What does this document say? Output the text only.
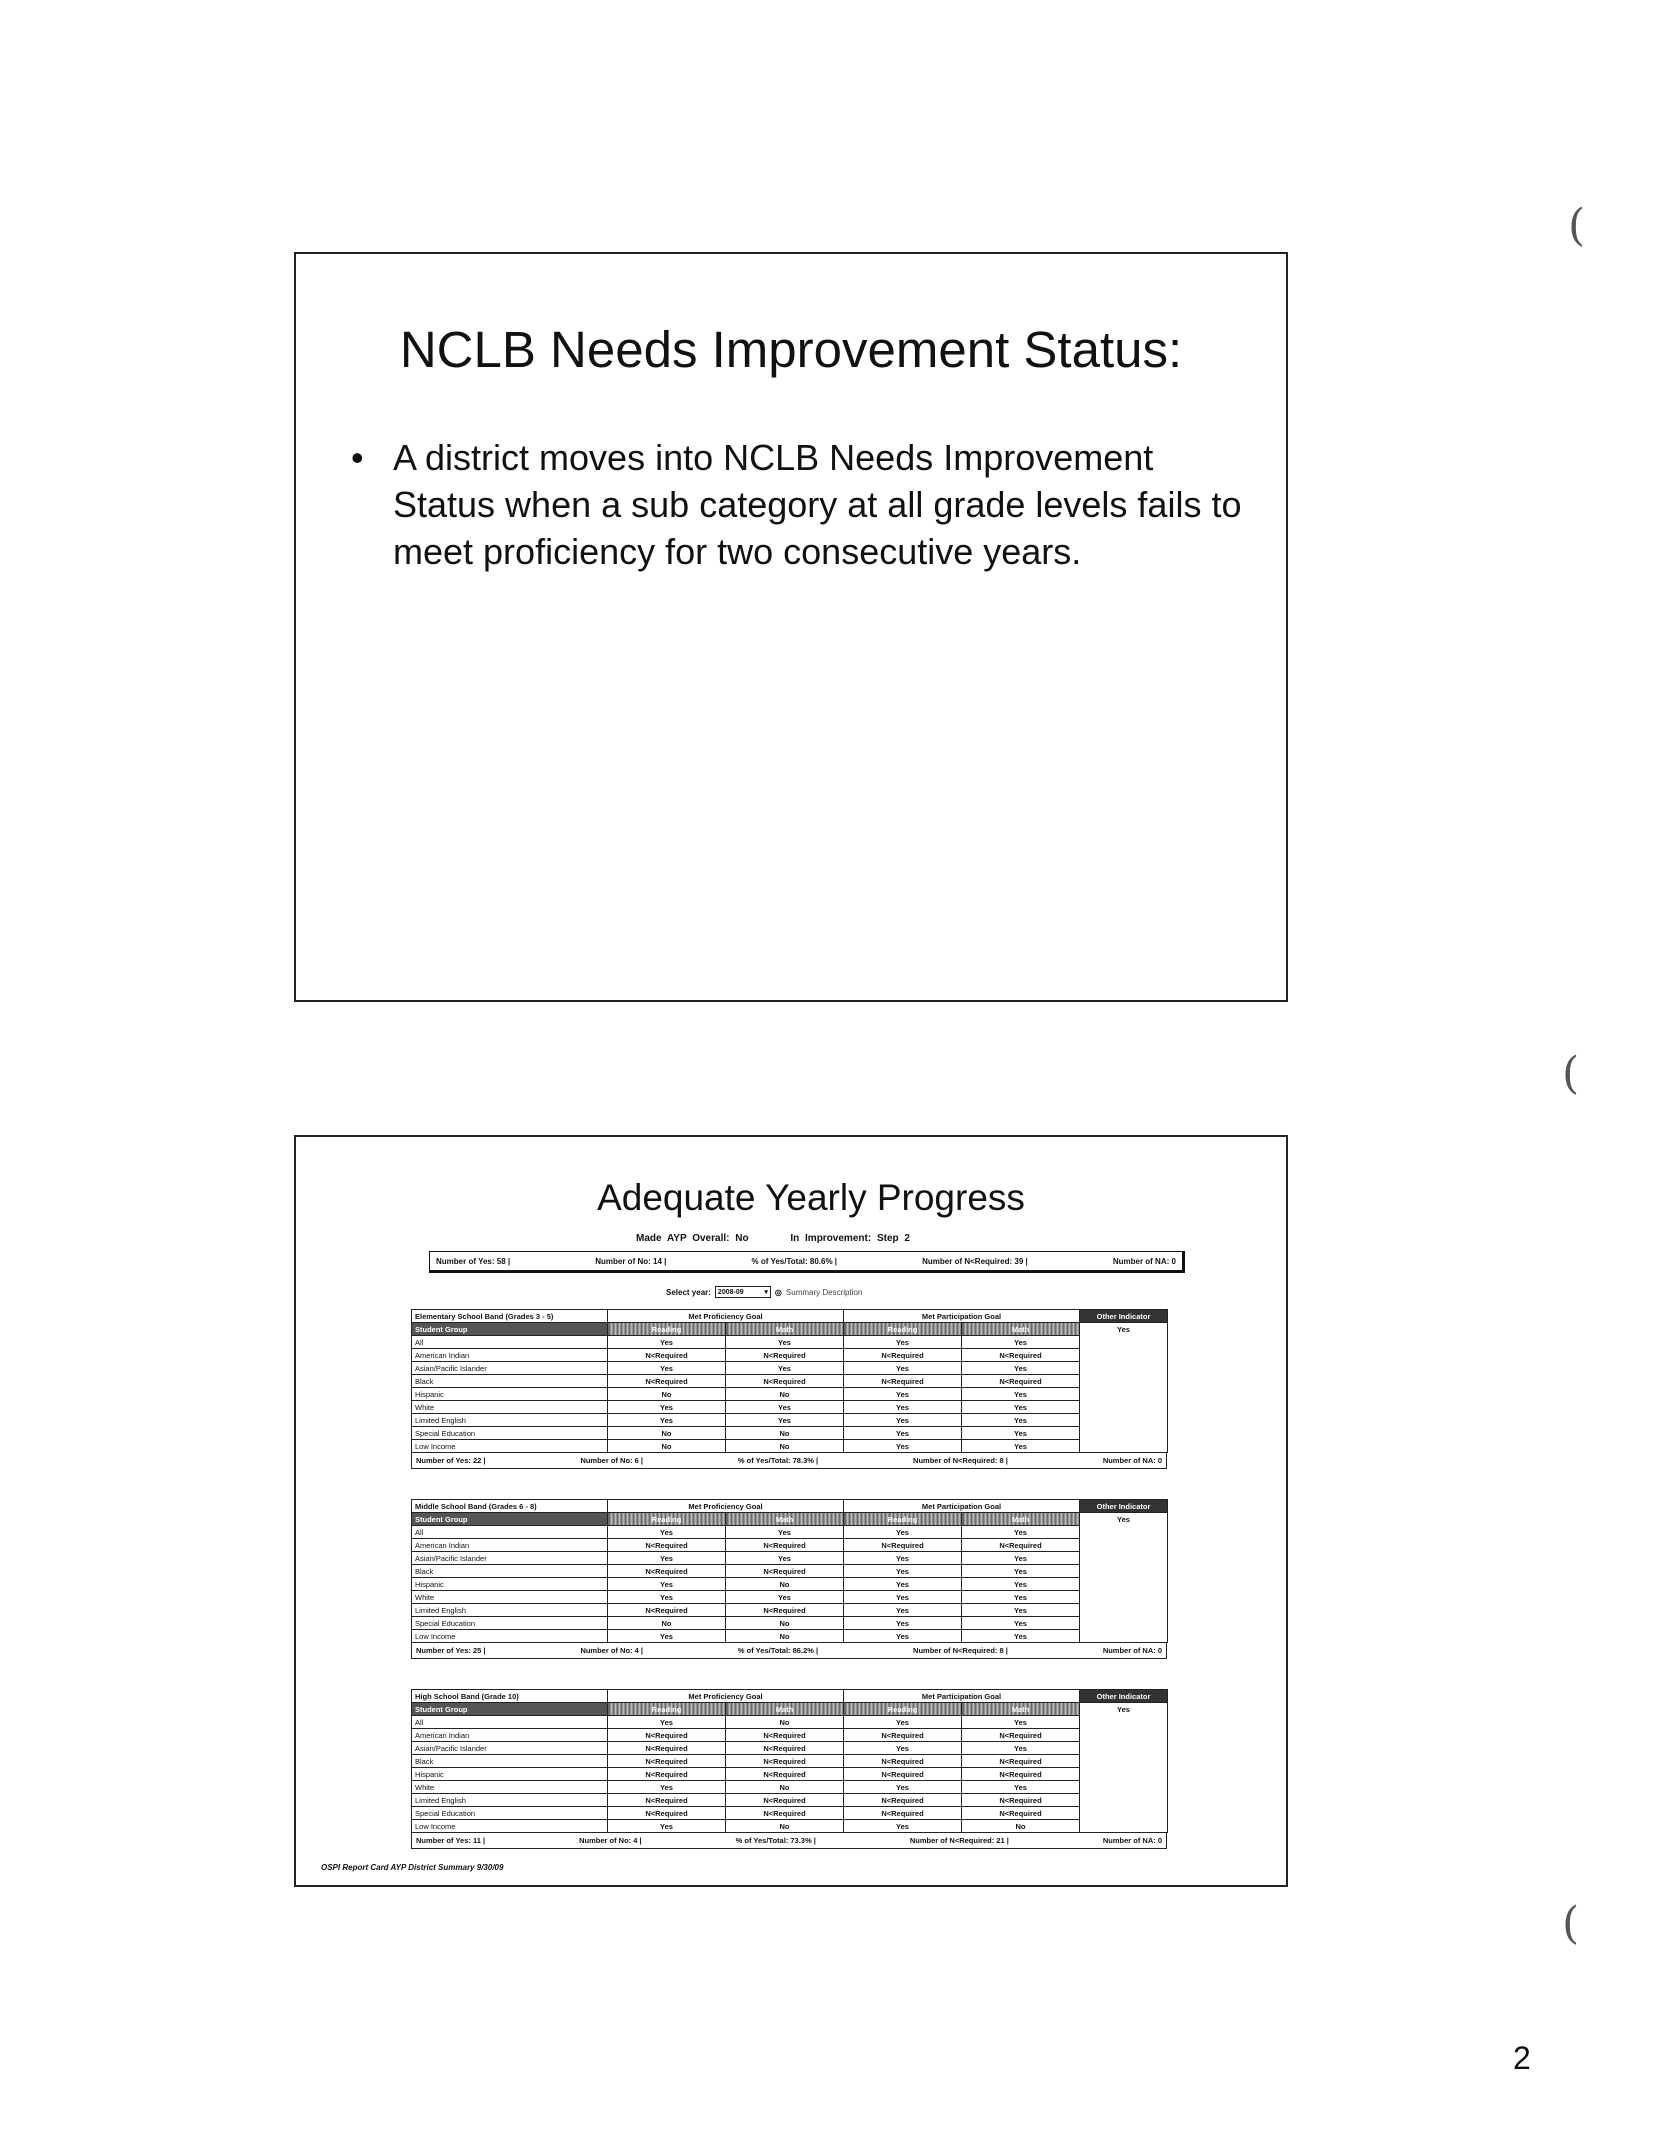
NCLB Needs Improvement Status:
• A district moves into NCLB Needs Improvement Status when a sub category at all grade levels fails to meet proficiency for two consecutive years.
Adequate Yearly Progress
Made AYP Overall: No	In Improvement: Step 2
Number of Yes: 58 |	Number of No: 14 |	% of Yes/Total: 80.6% |	Number of N<Required: 39 |	Number of NA: 0
Select year: 2008-09	▾ ◎ Summary Description
Elementary School Band (Grades 3 - 5)	Met Proficiency Goal		Met Participation Goal		Other Indicator
Student Group	Reading	Math	Reading	Math	Yes
All	Yes	Yes	Yes	Yes	
American Indian	N<Required	N<Required	N<Required	N<Required	
Asian/Pacific Islander	Yes	Yes	Yes	Yes	
Black	N<Required	N<Required	N<Required	N<Required	
Hispanic	No	No	Yes	Yes	
White	Yes	Yes	Yes	Yes	
Limited English	Yes	Yes	Yes	Yes	
Special Education	No	No	Yes	Yes	
Low Income	No	No	Yes	Yes	
Number of Yes: 22 |	Number of No: 6 |	% of Yes/Total: 78.3% |	Number of N<Required: 8 |	Number of NA: 0
Middle School Band (Grades 6 - 8)	Met Proficiency Goal		Met Participation Goal		Other Indicator
Student Group	Reading	Math	Reading	Math	Yes
All	Yes	Yes	Yes	Yes	
American Indian	N<Required	N<Required	N<Required	N<Required	
Asian/Pacific Islander	Yes	Yes	Yes	Yes	
Black	N<Required	N<Required	Yes	Yes	
Hispanic	Yes	No	Yes	Yes	
White	Yes	Yes	Yes	Yes	
Limited English	N<Required	N<Required	Yes	Yes	
Special Education	No	No	Yes	Yes	
Low Income	Yes	No	Yes	Yes	
Number of Yes: 25 |	Number of No: 4 |	% of Yes/Total: 86.2% |	Number of N<Required: 8 |	Number of NA: 0
High School Band (Grade 10)	Met Proficiency Goal		Met Participation Goal		Other Indicator
Student Group	Reading	Math	Reading	Math	Yes
All	Yes	No	Yes	Yes	
American Indian	N<Required	N<Required	N<Required	N<Required	
Asian/Pacific Islander	N<Required	N<Required	Yes	Yes	
Black	N<Required	N<Required	N<Required	N<Required	
Hispanic	N<Required	N<Required	N<Required	N<Required	
White	Yes	No	Yes	Yes	
Limited English	N<Required	N<Required	N<Required	N<Required	
Special Education	N<Required	N<Required	N<Required	N<Required	
Low Income	Yes	No	Yes	No	
Number of Yes: 11 |	Number of No: 4 |	% of Yes/Total: 73.3% |	Number of N<Required: 21 |	Number of NA: 0
OSPI Report Card AYP District Summary 9/30/09
2
(
(
(
